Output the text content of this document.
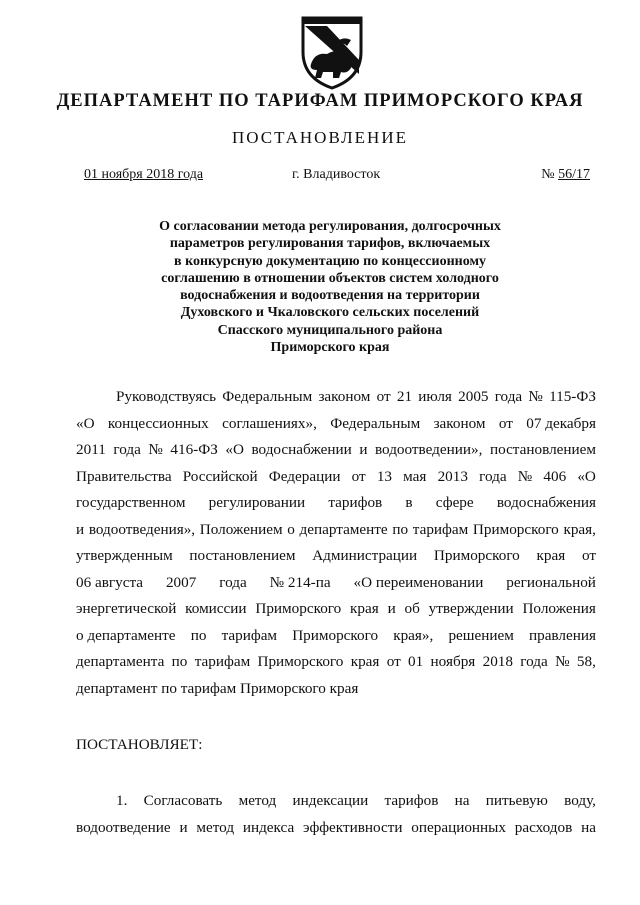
ДЕПАРТАМЕНТ ПО ТАРИФАМ ПРИМОРСКОГО КРАЯ
ПОСТАНОВЛЕНИЕ
01 ноября 2018 года	г. Владивосток	№ 56/17
О согласовании метода регулирования, долгосрочных
параметров регулирования тарифов, включаемых
в конкурсную документацию по концессионному
соглашению в отношении объектов систем холодного
водоснабжения и водоотведения на территории
Духовского и Чкаловского сельских поселений
Спасского муниципального района
Приморского края
Руководствуясь Федеральным законом от 21 июля 2005 года № 115-ФЗ
«О концессионных соглашениях», Федеральным законом от 07 декабря
2011 года № 416-ФЗ «О водоснабжении и водоотведении», постановлением
Правительства Российской Федерации от 13 мая 2013 года № 406 «О
государственном регулировании тарифов в сфере водоснабжения
и водоотведения», Положением о департаменте по тарифам Приморского края,
утвержденным постановлением Администрации Приморского края от
06 августа 2007 года № 214-па «О переименовании региональной
энергетической комиссии Приморского края и об утверждении Положения
о департаменте по тарифам Приморского края», решением правления
департамента по тарифам Приморского края от 01 ноября 2018 года № 58,
департамент по тарифам Приморского края
ПОСТАНОВЛЯЕТ:
1. Согласовать метод индексации тарифов на питьевую воду,
водоотведение и метод индекса эффективности операционных расходов на
